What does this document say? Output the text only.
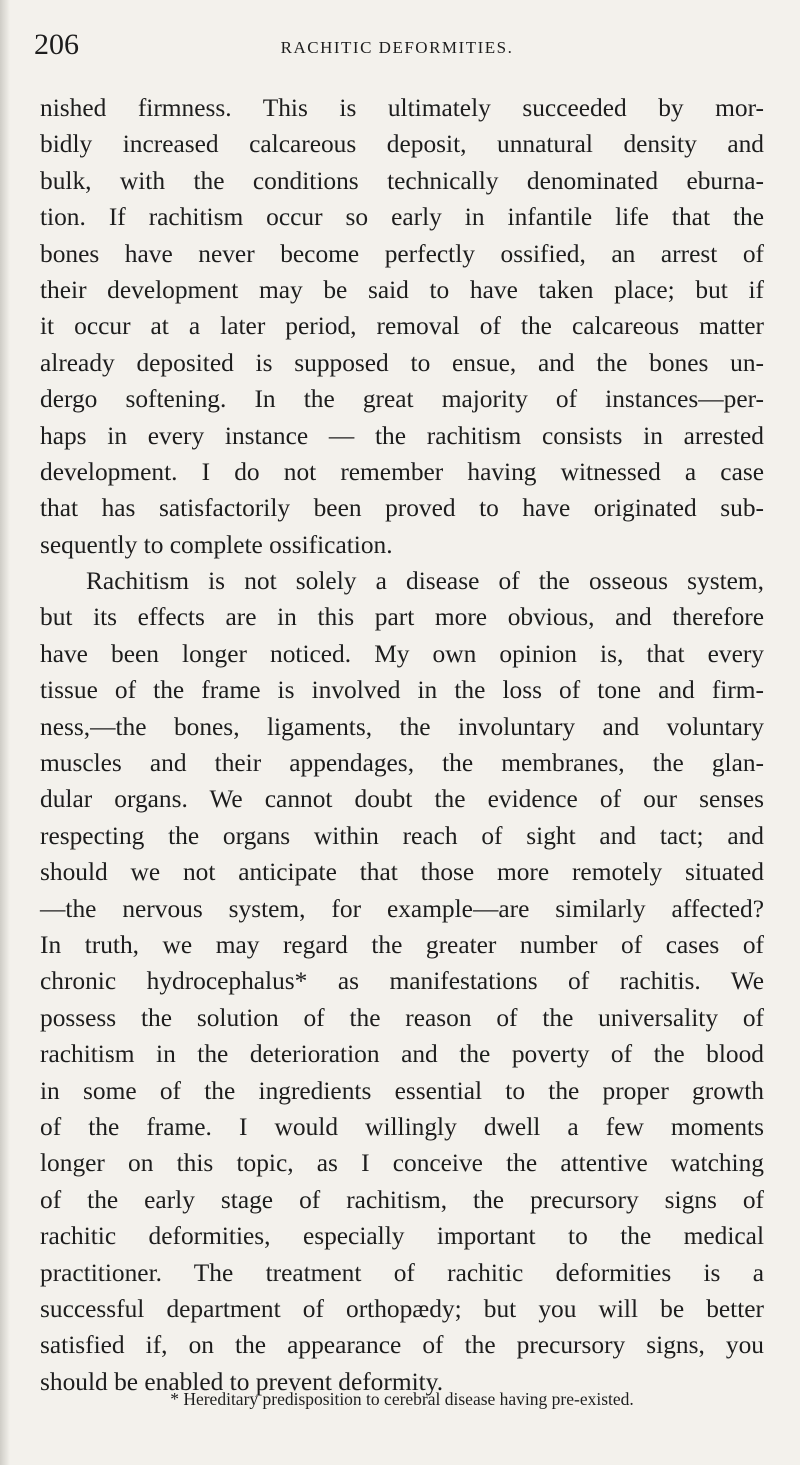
206	RACHITIC DEFORMITIES.
nished firmness. This is ultimately succeeded by mor-
bidly increased calcareous deposit, unnatural density and
bulk, with the conditions technically denominated eburna-
tion. If rachitism occur so early in infantile life that the
bones have never become perfectly ossified, an arrest of
their development may be said to have taken place; but if
it occur at a later period, removal of the calcareous matter
already deposited is supposed to ensue, and the bones un-
dergo softening. In the great majority of instances—per-
haps in every instance — the rachitism consists in arrested
development. I do not remember having witnessed a case
that has satisfactorily been proved to have originated sub-
sequently to complete ossification.
Rachitism is not solely a disease of the osseous system,
but its effects are in this part more obvious, and therefore
have been longer noticed. My own opinion is, that every
tissue of the frame is involved in the loss of tone and firm-
ness,—the bones, ligaments, the involuntary and voluntary
muscles and their appendages, the membranes, the glan-
dular organs. We cannot doubt the evidence of our senses
respecting the organs within reach of sight and tact; and
should we not anticipate that those more remotely situated
—the nervous system, for example—are similarly affected?
In truth, we may regard the greater number of cases of
chronic hydrocephalus* as manifestations of rachitis. We
possess the solution of the reason of the universality of
rachitism in the deterioration and the poverty of the blood
in some of the ingredients essential to the proper growth
of the frame. I would willingly dwell a few moments
longer on this topic, as I conceive the attentive watching
of the early stage of rachitism, the precursory signs of
rachitic deformities, especially important to the medical
practitioner. The treatment of rachitic deformities is a
successful department of orthopædy; but you will be better
satisfied if, on the appearance of the precursory signs, you
should be enabled to prevent deformity.
* Hereditary predisposition to cerebral disease having pre-existed.
